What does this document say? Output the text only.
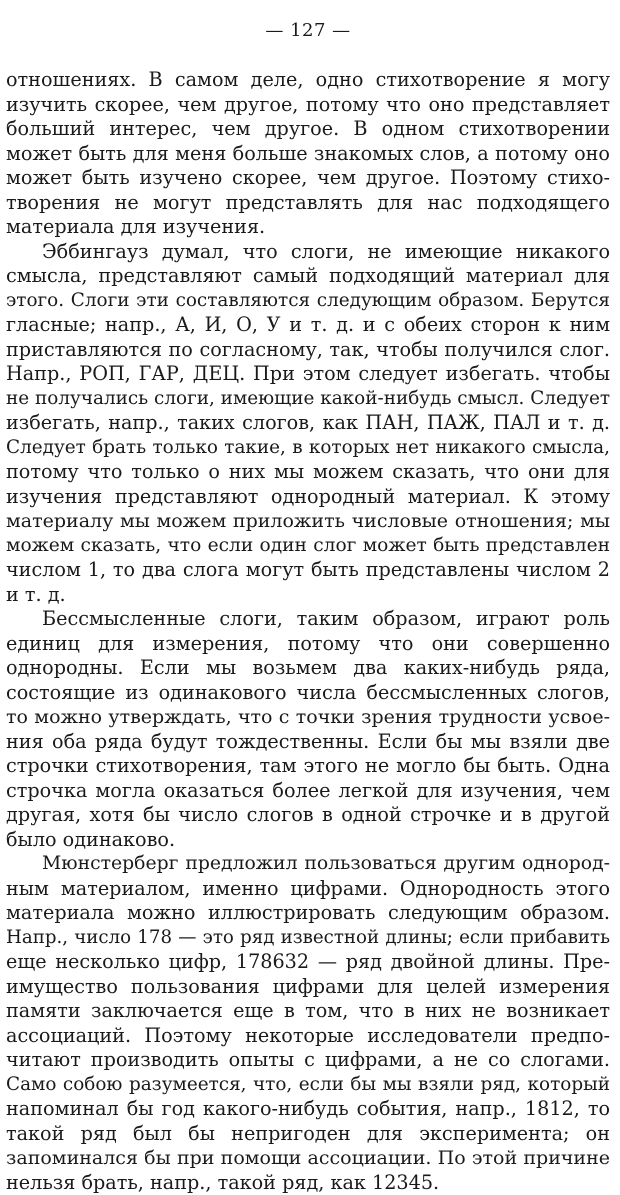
— 127 —
отношениях. В самом деле, одно стихотворение я могу
изучить скорее, чем другое, потому что оно представляет
больший интерес, чем другое. В одном стихотворении
может быть для меня больше знакомых слов, а потому оно
может быть изучено скорее, чем другое. Поэтому стихо-
творения не могут представлять для нас подходящего
материала для изучения.
Эббингауз думал, что слоги, не имеющие никакого
смысла, представляют самый подходящий материал для
этого. Слоги эти составляются следующим образом. Берутся
гласные; напр., А, И, О, У и т. д. и с обеих сторон к ним
приставляются по согласному, так, чтобы получился слог.
Напр., РОП, ГАР, ДЕЦ. При этом следует избегать. чтобы
не получались слоги, имеющие какой-нибудь смысл. Следует
избегать, напр., таких слогов, как ПАН, ПАЖ, ПАЛ и т. д.
Следует брать только такие, в которых нет никакого смысла,
потому что только о них мы можем сказать, что они для
изучения представляют однородный материал. К этому
материалу мы можем приложить числовые отношения; мы
можем сказать, что если один слог может быть представлен
числом 1, то два слога могут быть представлены числом 2
и т. д.
Бессмысленные слоги, таким образом, играют роль
единиц для измерения, потому что они совершенно
однородны. Если мы возьмем два каких-нибудь ряда,
состоящие из одинакового числа бессмысленных слогов,
то можно утверждать, что с точки зрения трудности усвое-
ния оба ряда будут тождественны. Если бы мы взяли две
строчки стихотворения, там этого не могло бы быть. Одна
строчка могла оказаться более легкой для изучения, чем
другая, хотя бы число слогов в одной строчке и в другой
было одинаково.
Мюнстерберг предложил пользоваться другим однород-
ным материалом, именно цифрами. Однородность этого
материала можно иллюстрировать следующим образом.
Напр., число 178 — это ряд известной длины; если прибавить
еще несколько цифр, 178632 — ряд двойной длины. Пре-
имущество пользования цифрами для целей измерения
памяти заключается еще в том, что в них не возникает
ассоциаций. Поэтому некоторые исследователи предпо-
читают производить опыты с цифрами, а не со слогами.
Само собою разумеется, что, если бы мы взяли ряд, который
напоминал бы год какого-нибудь события, напр., 1812, то
такой ряд был бы непригоден для эксперимента; он
запоминался бы при помощи ассоциации. По этой причине
нельзя брать, напр., такой ряд, как 12345.
